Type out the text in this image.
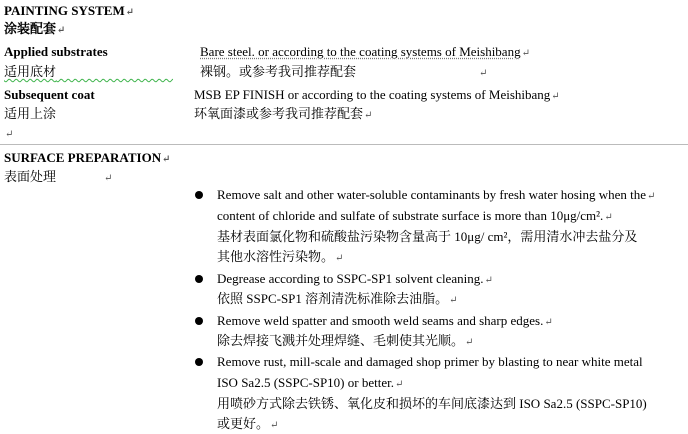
PAINTING SYSTEM↵
涂装配套↵
Applied substrates	Bare steel. or according to the coating systems of Meishibang↵
适用底材         	裸钢。或参考我司推荐配套	↵
Subsequent coat	MSB EP FINISH or according to the coating systems of Meishibang↵
适用上涂	环氧面漆或参考我司推荐配套↵
↵
SURFACE PREPARATION↵
表面处理	↵
Remove salt and other water-soluble contaminants by fresh water hosing when the↵
content of chloride and sulfate of substrate surface is more than 10μg/cm².↵
基材表面氯化物和硫酸盐污染物含量高于 10μg/ cm²，需用清水冲去盐分及
其他水溶性污染物。↵
Degrease according to SSPC-SP1 solvent cleaning.↵
依照 SSPC-SP1 溶剂清洗标准除去油脂。↵
Remove weld spatter and smooth weld seams and sharp edges.↵
除去焊接飞溅并处理焊缝、毛刺使其光顺。↵
Remove rust, mill-scale and damaged shop primer by blasting to near white metal
ISO Sa2.5 (SSPC-SP10) or better.↵
用喷砂方式除去铁锈、氧化皮和损坏的车间底漆达到 ISO Sa2.5 (SSPC-SP10)
或更好。↵
